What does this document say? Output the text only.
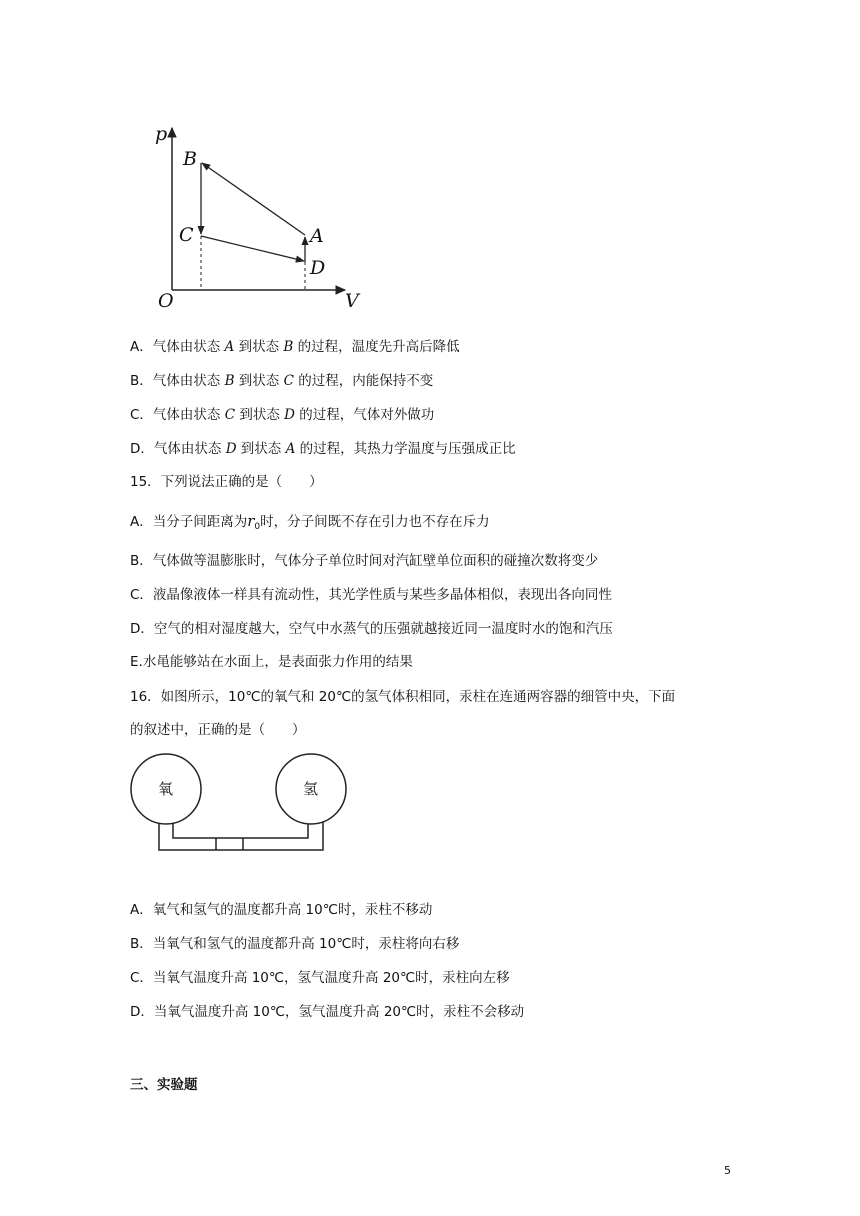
p
V
O
B
C	A
D
A．气体由状态 A 到状态 B 的过程，温度先升高后降低
B．气体由状态 B 到状态 C 的过程，内能保持不变
C．气体由状态 C 到状态 D 的过程，气体对外做功
D．气体由状态 D 到状态 A 的过程，其热力学温度与压强成正比
15．下列说法正确的是（　　）
A．当分子间距离为$r_0$时，分子间既不存在引力也不存在斥力
B．气体做等温膨胀时，气体分子单位时间对汽缸壁单位面积的碰撞次数将变少
C．液晶像液体一样具有流动性，其光学性质与某些多晶体相似，表现出各向同性
D．空气的相对湿度越大，空气中水蒸气的压强就越接近同一温度时水的饱和汽压
E.水黾能够站在水面上，是表面张力作用的结果
16．如图所示，10℃的氧气和 20℃的氢气体积相同，汞柱在连通两容器的细管中央，下面
的叙述中，正确的是（　　）
氧	氢
A．氧气和氢气的温度都升高 10℃时，汞柱不移动
B．当氧气和氢气的温度都升高 10℃时，汞柱将向右移
C．当氧气温度升高 10℃，氢气温度升高 20℃时，汞柱向左移
D．当氧气温度升高 10℃，氢气温度升高 20℃时，汞柱不会移动
三、实验题
5
